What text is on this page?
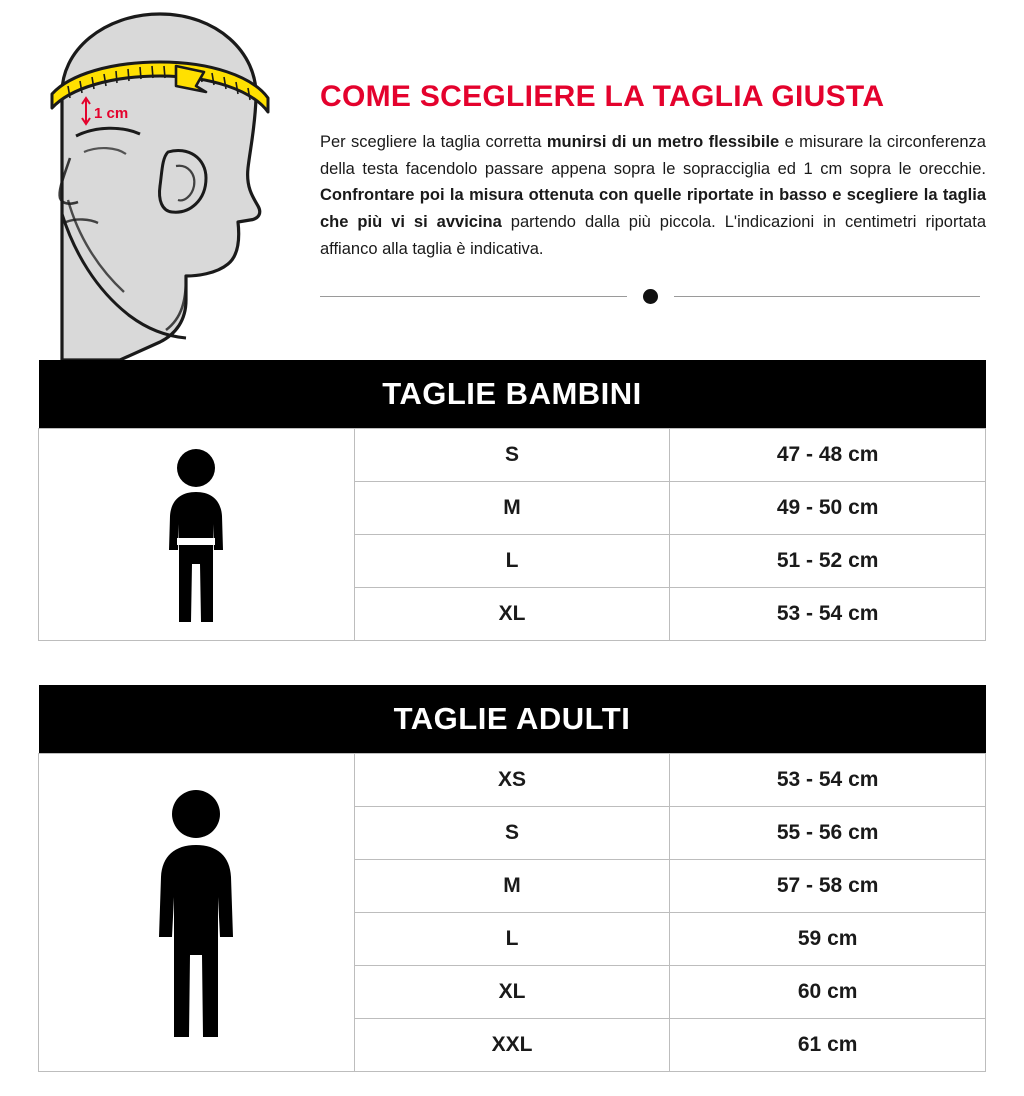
1 cm
COME SCEGLIERE LA TAGLIA GIUSTA

Per scegliere la taglia corretta munirsi di un metro flessibile e misurare la circonferenza della testa facendolo passare appena sopra le sopracciglia ed 1 cm sopra le orecchie. Confrontare poi la misura ottenuta con quelle riportate in basso e scegliere la taglia che più vi si avvicina partendo dalla più piccola. L'indicazioni in centimetri riportata affiancо alla taglia è indicativa.

TAGLIE BAMBINI		

	S	47 - 48 cm
	M	49 - 50 cm
	L	51 - 52 cm
	XL	53 - 54 cm
TAGLIE ADULTI		

	XS	53 - 54 cm
	S	55 - 56 cm
	M	57 - 58 cm
	L	59 cm
	XL	60 cm
	XXL	61 cm
